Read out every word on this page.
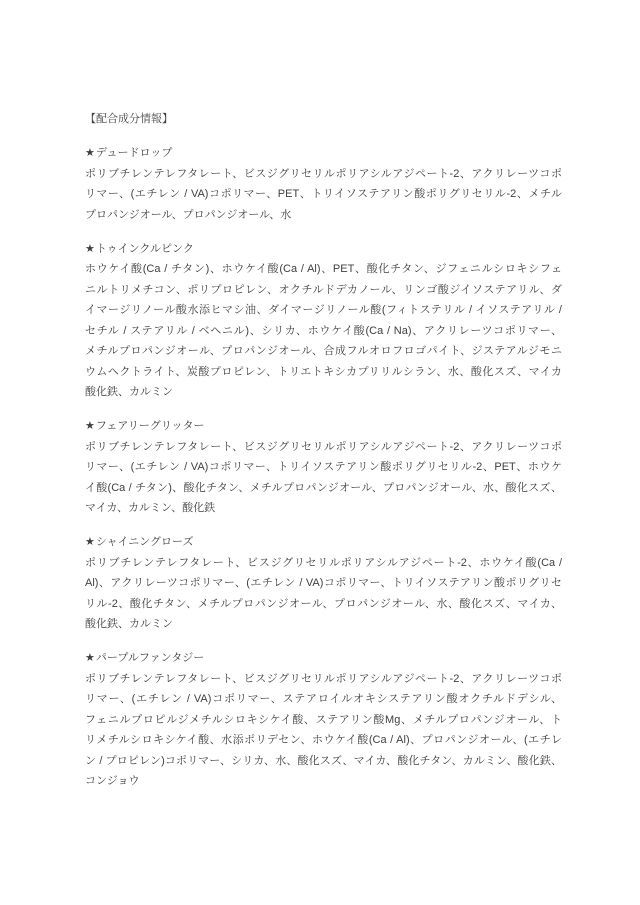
【配合成分情報】
★デュードロップ
ポリブチレンテレフタレート、ビスジグリセリルポリアシルアジペート-2、アクリレーツコポ
リマー、(エチレン / VA)コポリマー、PET、トリイソステアリン酸ポリグリセリル-2、メチル
プロパンジオール、プロパンジオール、水
★トゥインクルピンク
ホウケイ酸(Ca / チタン)、ホウケイ酸(Ca / Al)、PET、酸化チタン、ジフェニルシロキシフェ
ニルトリメチコン、ポリプロピレン、オクチルドデカノール、リンゴ酸ジイソステアリル、ダ
イマージリノール酸水添ヒマシ油、ダイマージリノール酸(フィトステリル / イソステアリル /
セチル / ステアリル / ベヘニル)、シリカ、ホウケイ酸(Ca / Na)、アクリレーツコポリマー、
メチルプロパンジオール、プロパンジオール、合成フルオロフロゴパイト、ジステアルジモニ
ウムヘクトライト、炭酸プロピレン、トリエトキシカプリリルシラン、水、酸化スズ、マイカ
酸化鉄、カルミン
★フェアリーグリッター
ポリブチレンテレフタレート、ビスジグリセリルポリアシルアジペート-2、アクリレーツコポ
リマー、(エチレン / VA)コポリマー、トリイソステアリン酸ポリグリセリル-2、PET、ホウケ
イ酸(Ca / チタン)、酸化チタン、メチルプロパンジオール、プロパンジオール、水、酸化スズ、
マイカ、カルミン、酸化鉄
★シャイニングローズ
ポリブチレンテレフタレート、ビスジグリセリルポリアシルアジペート-2、ホウケイ酸(Ca /
Al)、アクリレーツコポリマー、(エチレン / VA)コポリマー、トリイソステアリン酸ポリグリセ
リル-2、酸化チタン、メチルプロパンジオール、プロパンジオール、水、酸化スズ、マイカ、
酸化鉄、カルミン
★パープルファンタジー
ポリブチレンテレフタレート、ビスジグリセリルポリアシルアジペート-2、アクリレーツコポ
リマー、(エチレン / VA)コポリマー、ステアロイルオキシステアリン酸オクチルドデシル、
フェニルプロピルジメチルシロキシケイ酸、ステアリン酸Mg、メチルプロパンジオール、ト
リメチルシロキシケイ酸、水添ポリデセン、ホウケイ酸(Ca / Al)、プロパンジオール、(エチレ
ン / プロピレン)コポリマー、シリカ、水、酸化スズ、マイカ、酸化チタン、カルミン、酸化鉄、
コンジョウ
